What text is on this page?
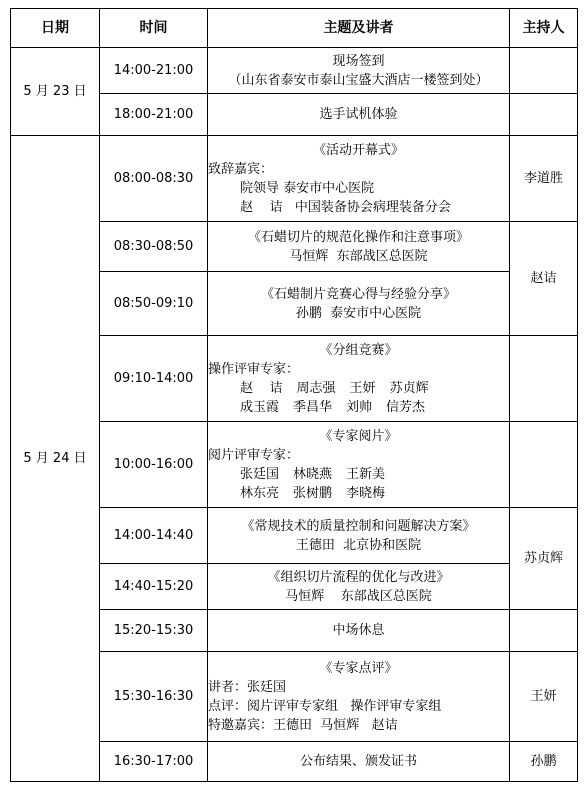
日期	时间	主题及讲者	主持人
5 月 23 日	14:00-21:00	现场签到
（山东省泰安市泰山宝盛大酒店一楼签到处）	

	18:00-21:00	选手试机体验	
5 月 24 日	08:00-08:30	《活动开幕式》
致辞嘉宾：
院领导 泰安市中心医院
赵    诘   中国装备协会病理装备分会	李道胜
	08:30-08:50	《石蜡切片的规范化操作和注意事项》
马恒辉  东部战区总医院	赵诘
	08:50-09:10	《石蜡制片竞赛心得与经验分享》
孙鹏  泰安市中心医院	

	09:10-14:00	《分组竞赛》
操作评审专家：
赵    诘 周志强 王妍 苏贞辉
成玉霞 季昌华 刘帅 信芳杰	

	10:00-16:00	《专家阅片》
阅片评审专家：
张廷国 林晓燕 王新美
林东亮 张树鹏 李晓梅	

	14:00-14:40	《常规技术的质量控制和问题解决方案》
王德田  北京协和医院	苏贞辉
	14:40-15:20	《组织切片流程的优化与改进》
马恒辉    东部战区总医院	

	15:20-15:30	中场休息	
	15:30-16:30	《专家点评》
讲者：张廷国
点评：阅片评审专家组   操作评审专家组
特邀嘉宾：王德田  马恒辉   赵诘	王妍
	16:30-17:00	公布结果、颁发证书	孙鹏
